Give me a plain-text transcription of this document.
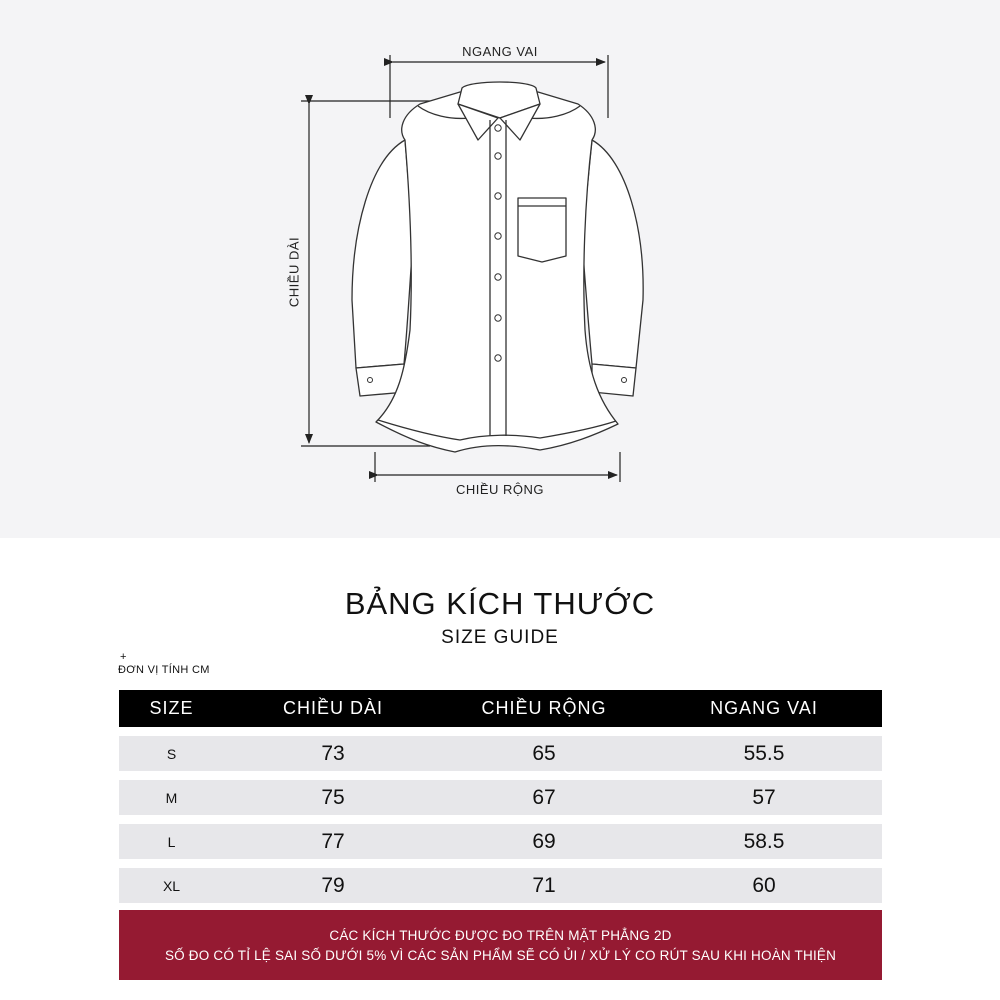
NGANG VAI
CHIỀU DÀI
CHIỀU RỘNG
BẢNG KÍCH THƯỚC
SIZE GUIDE
+
ĐƠN VỊ TÍNH CM
SIZE	CHIỀU DÀI	CHIỀU RỘNG	NGANG VAI
S	73	65	55.5
M	75	67	57
L	77	69	58.5
XL	79	71	60
CÁC KÍCH THƯỚC ĐƯỢC ĐO TRÊN MẶT PHẲNG 2D
SỐ ĐO CÓ TỈ LỆ SAI SỐ DƯỚI 5% VÌ CÁC SẢN PHẨM SẼ CÓ ỦI / XỬ LÝ CO RÚT SAU KHI HOÀN THIỆN
